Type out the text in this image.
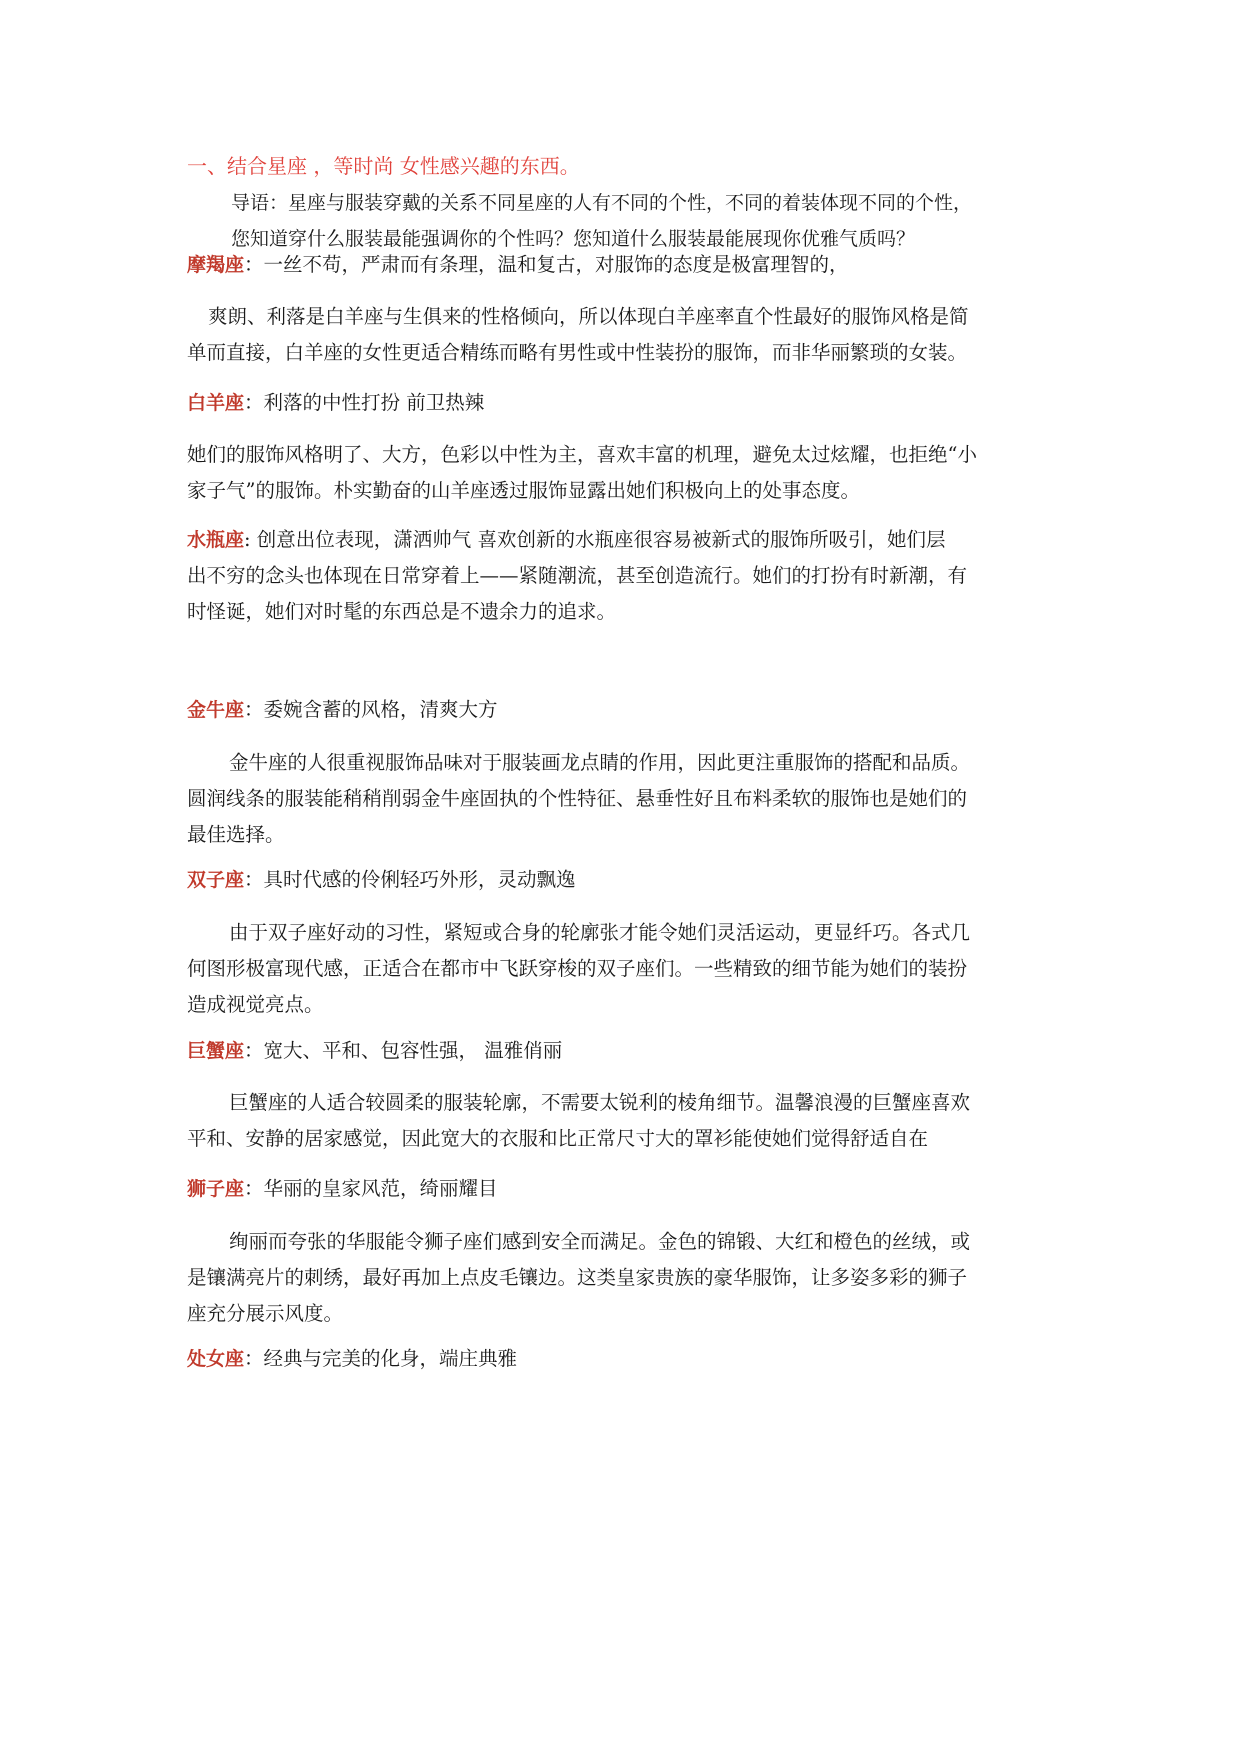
一、结合星座 ，等时尚 女性感兴趣的东西。

导语：星座与服装穿戴的关系不同星座的人有不同的个性，不同的着装体现不同的个性，

您知道穿什么服装最能强调你的个性吗？您知道什么服装最能展现你优雅气质吗？

摩羯座：一丝不苟，严肃而有条理，温和复古，对服饰的态度是极富理智的，
爽朗、利落是白羊座与生俱来的性格倾向，所以体现白羊座率直个性最好的服饰风格是简
单而直接，白羊座的女性更适合精练而略有男性或中性装扮的服饰，而非华丽繁琐的女装。
白羊座：利落的中性打扮 前卫热辣
她们的服饰风格明了、大方，色彩以中性为主，喜欢丰富的机理，避免太过炫耀，也拒绝“小
家子气”的服饰。朴实勤奋的山羊座透过服饰显露出她们积极向上的处事态度。
水瓶座: 创意出位表现，潇洒帅气 喜欢创新的水瓶座很容易被新式的服饰所吸引，她们层
出不穷的念头也体现在日常穿着上——紧随潮流，甚至创造流行。她们的打扮有时新潮，有
时怪诞，她们对时髦的东西总是不遗余力的追求。
金牛座：委婉含蓄的风格，清爽大方
金牛座的人很重视服饰品味对于服装画龙点睛的作用，因此更注重服饰的搭配和品质。
圆润线条的服装能稍稍削弱金牛座固执的个性特征、悬垂性好且布料柔软的服饰也是她们的
最佳选择。
双子座：具时代感的伶俐轻巧外形，灵动飘逸
由于双子座好动的习性，紧短或合身的轮廓张才能令她们灵活运动，更显纤巧。各式几
何图形极富现代感，正适合在都市中飞跃穿梭的双子座们。一些精致的细节能为她们的装扮
造成视觉亮点。
巨蟹座：宽大、平和、包容性强， 温雅俏丽
巨蟹座的人适合较圆柔的服装轮廓，不需要太锐利的棱角细节。温馨浪漫的巨蟹座喜欢
平和、安静的居家感觉，因此宽大的衣服和比正常尺寸大的罩衫能使她们觉得舒适自在
狮子座：华丽的皇家风范，绮丽耀目
绚丽而夸张的华服能令狮子座们感到安全而满足。金色的锦锻、大红和橙色的丝绒，或
是镶满亮片的刺绣，最好再加上点皮毛镶边。这类皇家贵族的豪华服饰，让多姿多彩的狮子
座充分展示风度。
处女座：经典与完美的化身，端庄典雅
